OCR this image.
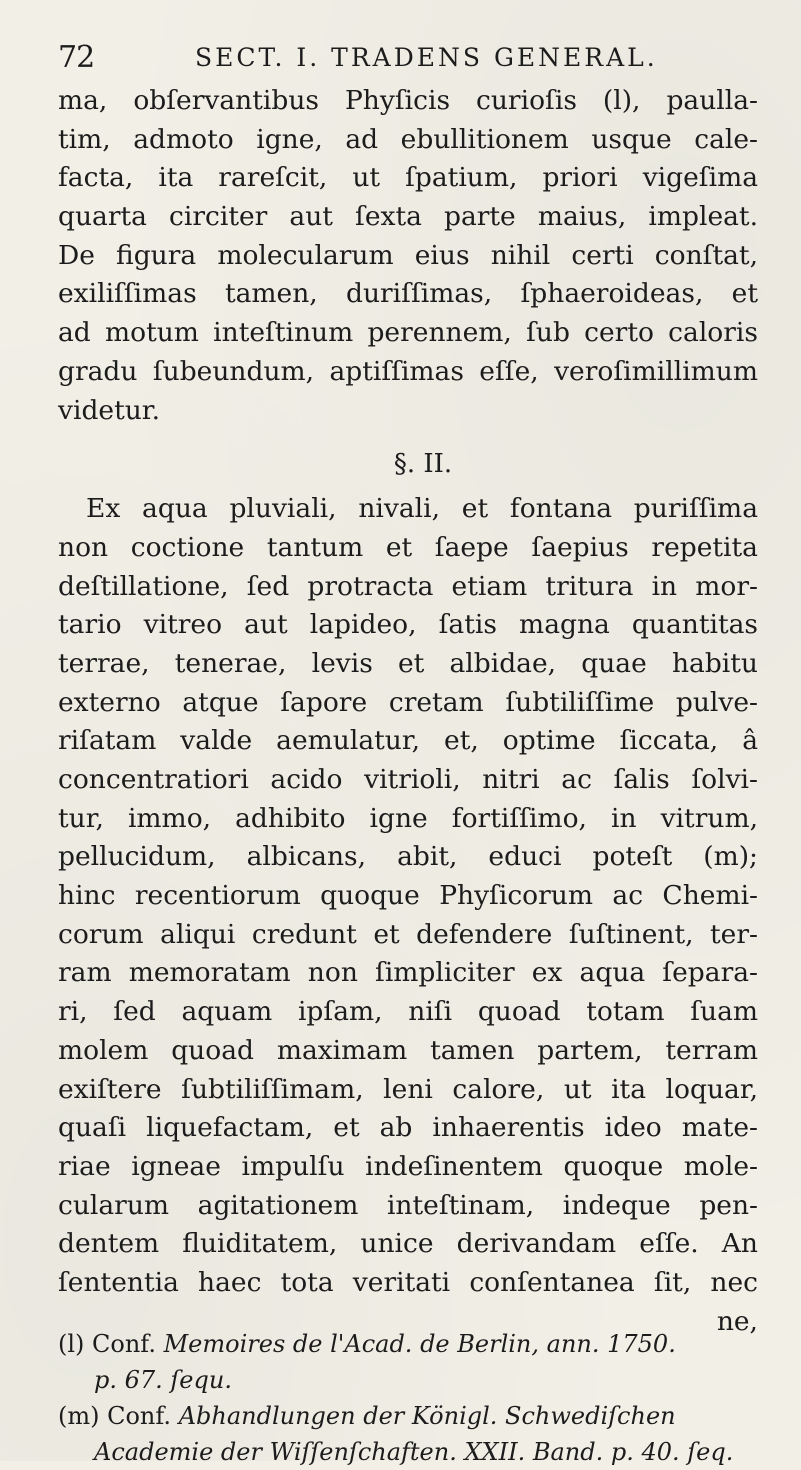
72	SECT. I. TRADENS GENERAL.
ma, obſervantibus Phyſicis curioſis (l), paulla-
tim, admoto igne, ad ebullitionem usque cale-
facta, ita rareſcit, ut ſpatium, priori vigeſima
quarta circiter aut ſexta parte maius, impleat.
De figura molecularum eius nihil certi conſtat,
exiliſſimas tamen, duriſſimas, ſphaeroideas, et
ad motum inteſtinum perennem, ſub certo caloris
gradu ſubeundum, aptiſſimas eſſe, veroſimillimum
videtur.
§. II.
Ex aqua pluviali, nivali, et fontana puriſſima
non coctione tantum et ſaepe ſaepius repetita
deſtillatione, ſed protracta etiam tritura in mor-
tario vitreo aut lapideo, ſatis magna quantitas
terrae, tenerae, levis et albidae, quae habitu
externo atque ſapore cretam ſubtiliſſime pulve-
riſatam valde aemulatur, et, optime ſiccata, â
concentratiori acido vitrioli, nitri ac ſalis ſolvi-
tur, immo, adhibito igne fortiſſimo, in vitrum,
pellucidum, albicans, abit, educi poteſt (m);
hinc recentiorum quoque Phyſicorum ac Chemi-
corum aliqui credunt et defendere ſuſtinent, ter-
ram memoratam non ſimpliciter ex aqua ſepara-
ri, ſed aquam ipſam, niſi quoad totam ſuam
molem quoad maximam tamen partem, terram
exiſtere ſubtiliſſimam, leni calore, ut ita loquar,
quaſi liquefactam, et ab inhaerentis ideo mate-
riae igneae impulſu indeſinentem quoque mole-
cularum agitationem inteſtinam, indeque pen-
dentem fluiditatem, unice derivandam eſſe. An
ſententia haec tota veritati conſentanea ſit, nec
ne,
(l) Conf. Memoires de l'Acad. de Berlin, ann. 1750.
p. 67. ſequ.
(m) Conf. Abhandlungen der Königl. Schwediſchen
Academie der Wiſſenſchaften. XXII. Band. p. 40. ſeq.
